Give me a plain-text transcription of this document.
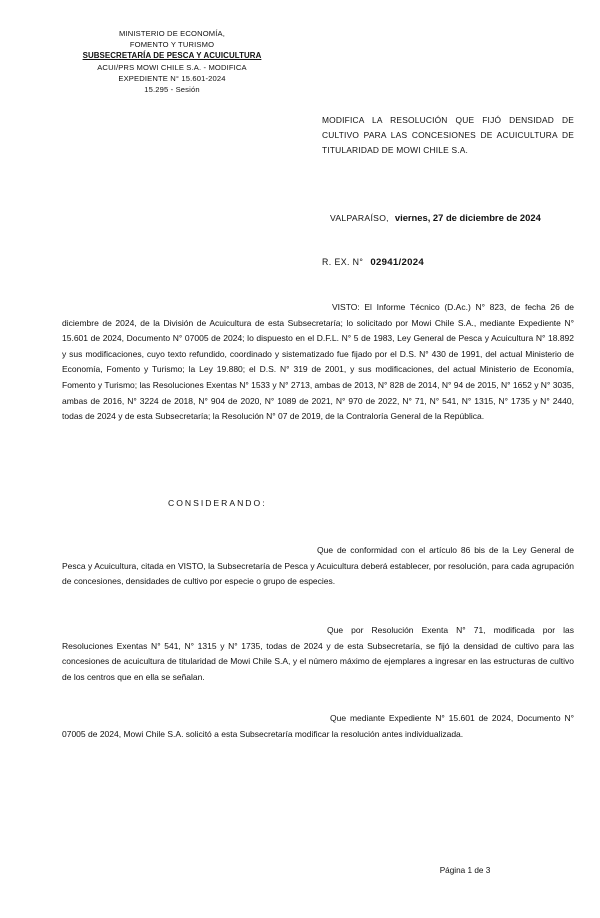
MINISTERIO DE ECONOMÍA,
FOMENTO Y TURISMO
SUBSECRETARÍA DE PESCA Y ACUICULTURA
ACUI/PRS MOWI CHILE S.A. - MODIFICA
EXPEDIENTE N° 15.601-2024
15.295 - Sesión
MODIFICA LA RESOLUCIÓN QUE FIJÓ DENSIDAD DE CULTIVO PARA LAS CONCESIONES DE ACUICULTURA DE TITULARIDAD DE MOWI CHILE S.A.
VALPARAÍSO, viernes, 27 de diciembre de 2024
R. EX. N° 02941/2024
VISTO: El Informe Técnico (D.Ac.) N° 823, de fecha 26 de diciembre de 2024, de la División de Acuicultura de esta Subsecretaría; lo solicitado por Mowi Chile S.A., mediante Expediente N° 15.601 de 2024, Documento N° 07005 de 2024; lo dispuesto en el D.F.L. N° 5 de 1983, Ley General de Pesca y Acuicultura N° 18.892 y sus modificaciones, cuyo texto refundido, coordinado y sistematizado fue fijado por el D.S. N° 430 de 1991, del actual Ministerio de Economía, Fomento y Turismo; la Ley 19.880; el D.S. N° 319 de 2001, y sus modificaciones, del actual Ministerio de Economía, Fomento y Turismo; las Resoluciones Exentas N° 1533 y N° 2713, ambas de 2013, N° 828 de 2014, N° 94 de 2015, N° 1652 y N° 3035, ambas de 2016, N° 3224 de 2018, N° 904 de 2020, N° 1089 de 2021, N° 970 de 2022, N° 71, N° 541, N° 1315, N° 1735 y N° 2440, todas de 2024 y de esta Subsecretaría; la Resolución N° 07 de 2019, de la Contraloría General de la República.
CONSIDERANDO:
Que de conformidad con el artículo 86 bis de la Ley General de Pesca y Acuicultura, citada en VISTO, la Subsecretaría de Pesca y Acuicultura deberá establecer, por resolución, para cada agrupación de concesiones, densidades de cultivo por especie o grupo de especies.
Que por Resolución Exenta N° 71, modificada por las Resoluciones Exentas N° 541, N° 1315 y N° 1735, todas de 2024 y de esta Subsecretaría, se fijó la densidad de cultivo para las concesiones de acuicultura de titularidad de Mowi Chile S.A, y el número máximo de ejemplares a ingresar en las estructuras de cultivo de los centros que en ella se señalan.
Que mediante Expediente N° 15.601 de 2024, Documento N° 07005 de 2024, Mowi Chile S.A. solicitó a esta Subsecretaría modificar la resolución antes individualizada.
Página 1 de 3
